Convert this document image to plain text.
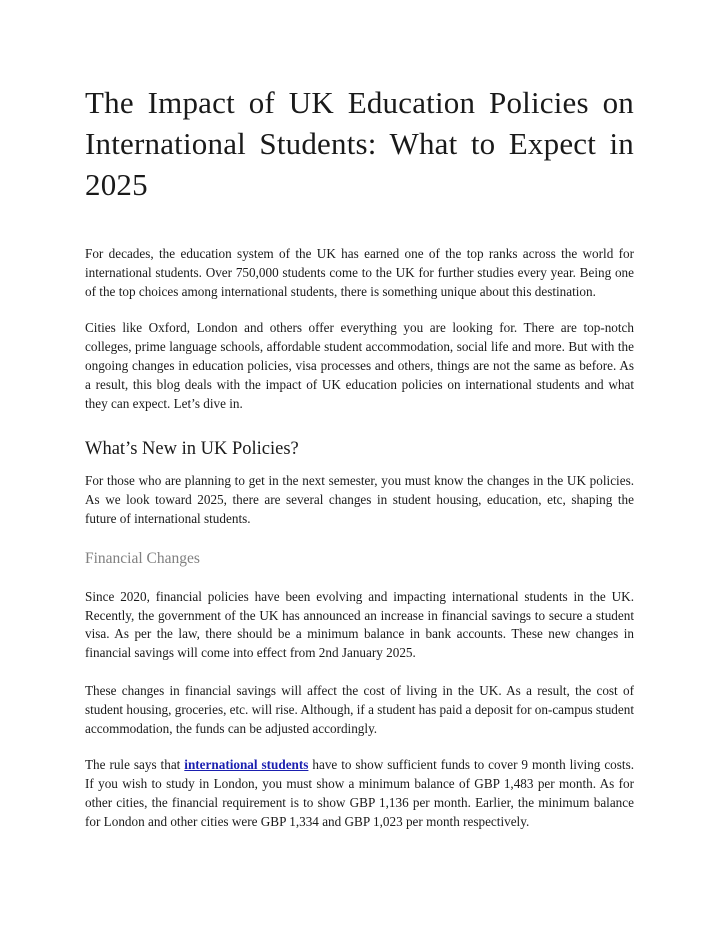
The Impact of UK Education Policies on International Students: What to Expect in 2025

For decades, the education system of the UK has earned one of the top ranks across the world for international students. Over 750,000 students come to the UK for further studies every year. Being one of the top choices among international students, there is something unique about this destination.

Cities like Oxford, London and others offer everything you are looking for. There are top-notch colleges, prime language schools, affordable student accommodation, social life and more. But with the ongoing changes in education policies, visa processes and others, things are not the same as before. As a result, this blog deals with the impact of UK education policies on international students and what they can expect. Let’s dive in.

What’s New in UK Policies?

For those who are planning to get in the next semester, you must know the changes in the UK policies. As we look toward 2025, there are several changes in student housing, education, etc, shaping the future of international students.

Financial Changes

Since 2020, financial policies have been evolving and impacting international students in the UK. Recently, the government of the UK has announced an increase in financial savings to secure a student visa. As per the law, there should be a minimum balance in bank accounts. These new changes in financial savings will come into effect from 2nd January 2025.

These changes in financial savings will affect the cost of living in the UK. As a result, the cost of student housing, groceries, etc. will rise. Although, if a student has paid a deposit for on-campus student accommodation, the funds can be adjusted accordingly.

The rule says that international students have to show sufficient funds to cover 9 month living costs. If you wish to study in London, you must show a minimum balance of GBP 1,483 per month. As for other cities, the financial requirement is to show GBP 1,136 per month. Earlier, the minimum balance for London and other cities were GBP 1,334 and GBP 1,023 per month respectively.
